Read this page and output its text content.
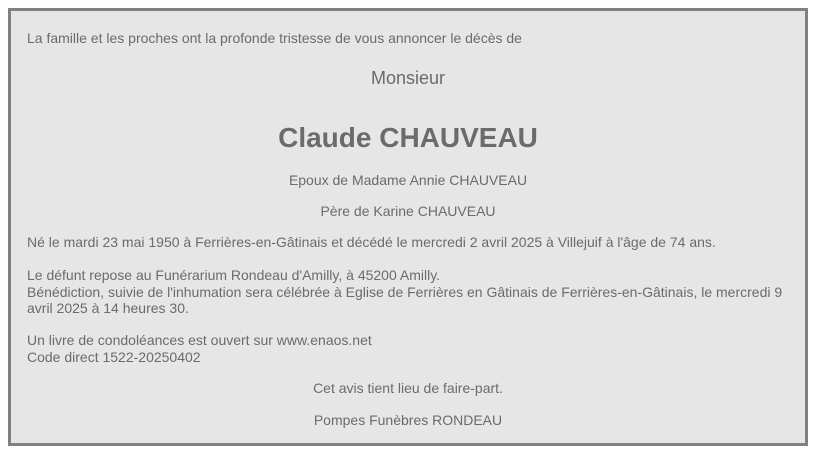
La famille et les proches ont la profonde tristesse de vous annoncer le décès de

Monsieur

Claude CHAUVEAU

Epoux de Madame Annie CHAUVEAU

Père de Karine CHAUVEAU

Né le mardi 23 mai 1950 à Ferrières-en-Gâtinais et décédé le mercredi 2 avril 2025 à Villejuif à l'âge de 74 ans.

Le défunt repose au Funérarium Rondeau d'Amilly, à 45200 Amilly.

Bénédiction, suivie de l'inhumation sera célébrée à Eglise de Ferrières en Gâtinais de Ferrières-en-Gâtinais, le mercredi 9 avril 2025 à 14 heures 30.

Un livre de condoléances est ouvert sur www.enaos.net

Code direct 1522-20250402

Cet avis tient lieu de faire-part.

Pompes Funèbres RONDEAU
